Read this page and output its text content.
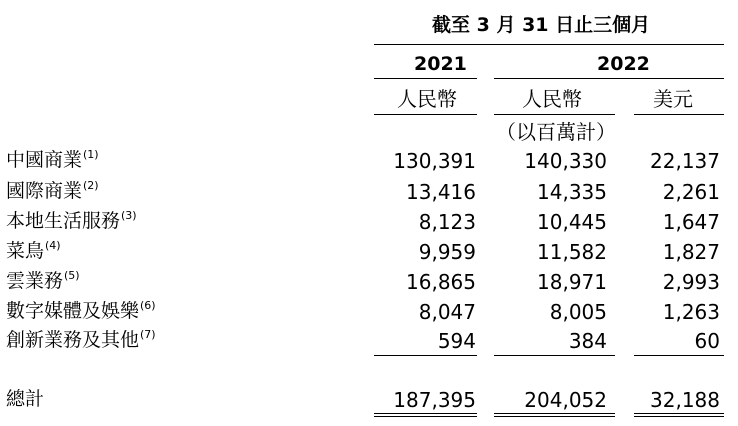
截至 3 月 31 日止三個月
2021	2022
人民幣	人民幣	美元
（以百萬計）
中國商業$^{(1)}$	130,391 140,330 22,137
國際商業$^{(2)}$	13,416	14,335	2,261
本地生活服務$^{(3)}$	8,123	10,445	1,647
菜鳥$^{(4)}$	9,959	11,582	1,827
雲業務$^{(5)}$	16,865	18,971	2,993
數字媒體及娛樂$^{(6)}$	8,047	8,005	1,263
創新業務及其他$^{(7)}$	594	384	60
總計	187,395 204,052 32,188
